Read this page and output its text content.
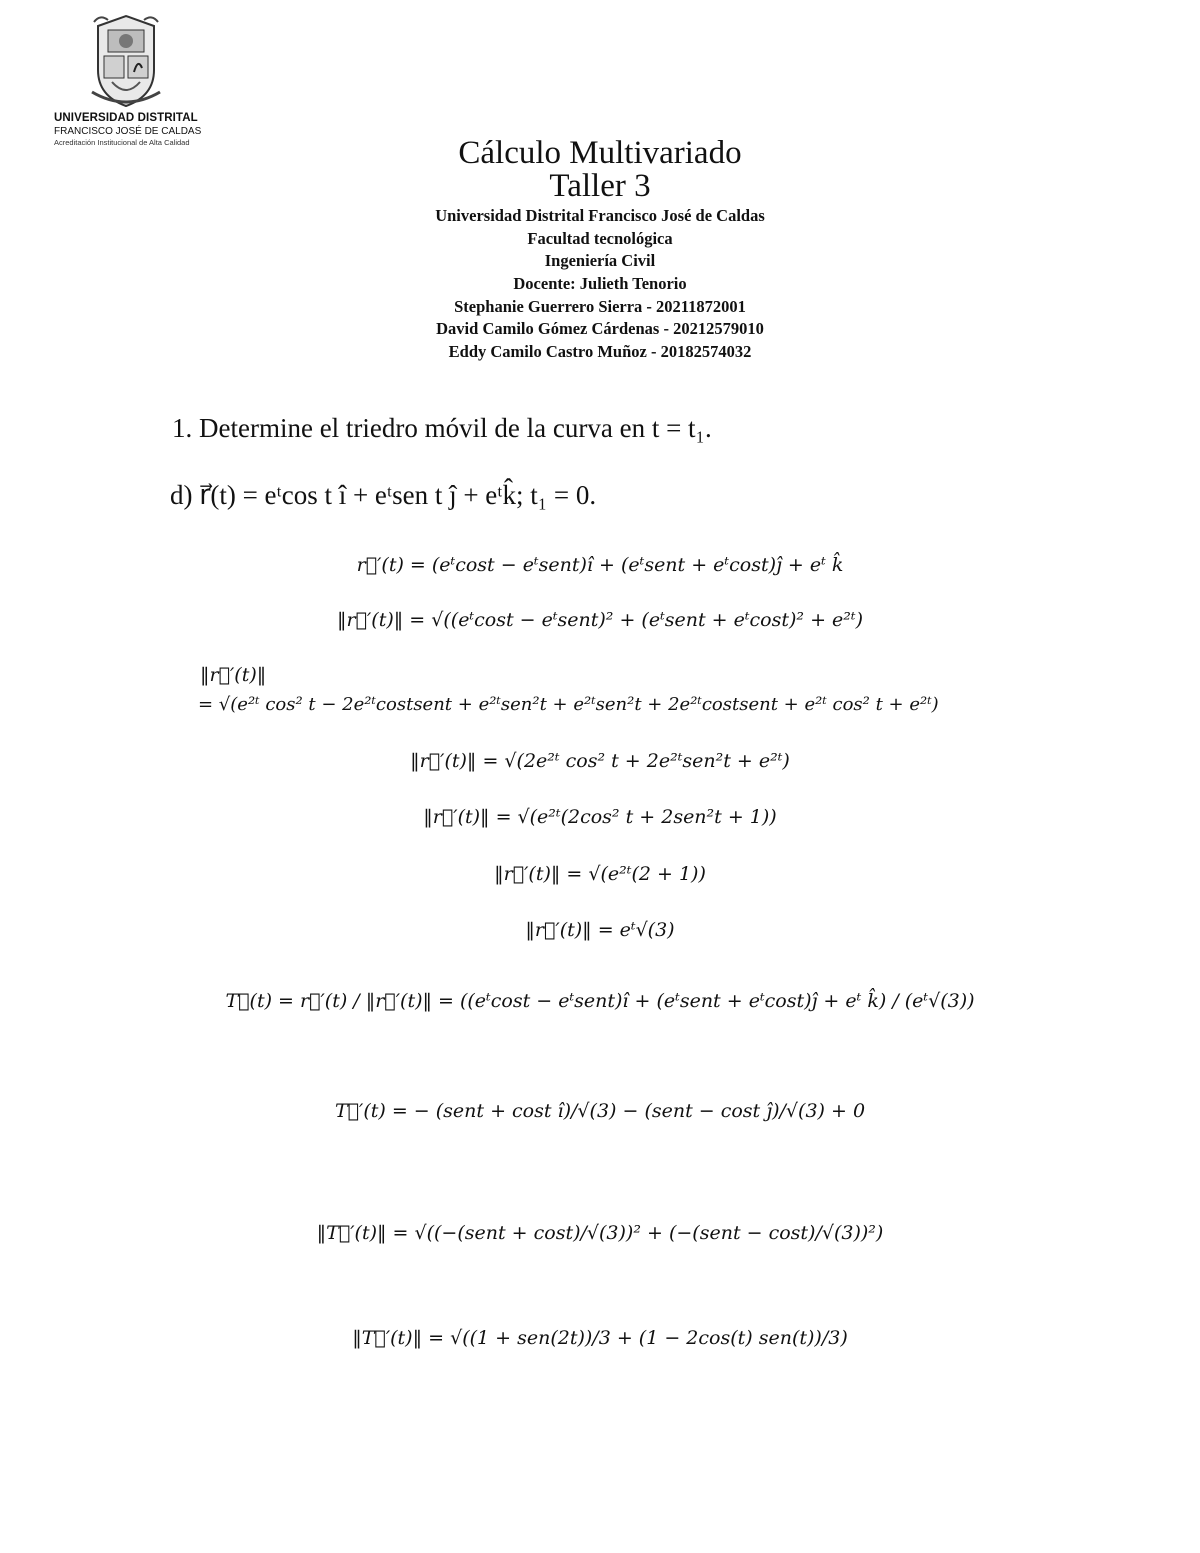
UNIVERSIDAD DISTRITAL
FRANCISCO JOSÉ DE CALDAS
Acreditación Institucional de Alta Calidad	Cálculo Multivariado
Taller 3
Universidad Distrital Francisco José de Caldas
Facultad tecnológica
Ingeniería Civil
Docente: Julieth Tenorio
Stephanie Guerrero Sierra - 20211872001
David Camilo Gómez Cárdenas - 20212579010
Eddy Camilo Castro Muñoz - 20182574032
1. Determine el triedro móvil de la curva en t = t₁.
d) r⃗(t) = eᵗcos t î + eᵗsen t ĵ + eᵗk̂; t₁ = 0.
r⃗′(t) = (eᵗcost − eᵗsent)î + (eᵗsent + eᵗcost)ĵ + eᵗ k̂
‖r⃗′(t)‖ = √((eᵗcost − eᵗsent)² + (eᵗsent + eᵗcost)² + e²ᵗ)
‖r⃗′(t)‖
= √(e²ᵗ cos² t − 2e²ᵗcostsent + e²ᵗsen²t + e²ᵗsen²t + 2e²ᵗcostsent + e²ᵗ cos² t + e²ᵗ)
‖r⃗′(t)‖ = √(2e²ᵗ cos² t + 2e²ᵗsen²t + e²ᵗ)
‖r⃗′(t)‖ = √(e²ᵗ(2cos² t + 2sen²t + 1))
‖r⃗′(t)‖ = √(e²ᵗ(2 + 1))
‖r⃗′(t)‖ = eᵗ√(3)
T⃗(t) = r⃗′(t) / ‖r⃗′(t)‖ = ((eᵗcost − eᵗsent)î + (eᵗsent + eᵗcost)ĵ + eᵗ k̂) / (eᵗ√(3))
T⃗′(t) = − (sent + cost î)/√(3) − (sent − cost ĵ)/√(3) + 0
‖T⃗′(t)‖ = √((−(sent + cost)/√(3))² + (−(sent − cost)/√(3))²)
‖T⃗′(t)‖ = √((1 + sen(2t))/3 + (1 − 2cos(t) sen(t))/3)
